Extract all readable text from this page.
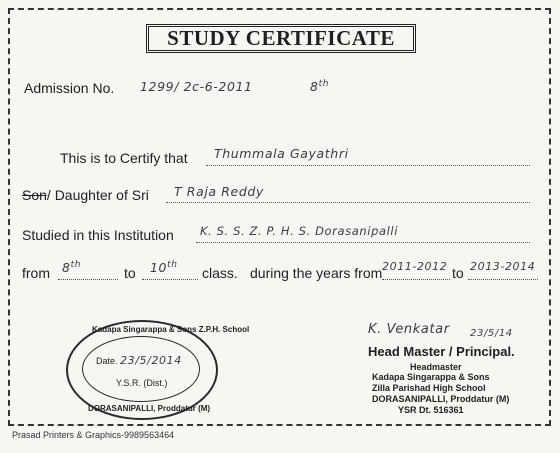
STUDY CERTIFICATE
Admission No. 1299/ 2c-6-2011	8th
This is to Certify that Thummala Gayathri
Son/ Daughter of Sri T Raja Reddy
Studied in this Institution K. S. S. Z. P. H. S. Dorasanipalli
from 8th	to 10th class. during the years from 2011-2012 to 2013-2014
Kadapa Singarappa & Sons Z.P.H. School
Date. 23/5/2014
Y.S.R. (Dist.)
DORASANIPALLI, Proddatur (M)
K. Venkatar 23/5/14
Head Master / Principal.
Headmaster
Kadapa Singarappa & Sons
Zilla Parishad High School
DORASANIPALLI, Proddatur (M)
YSR Dt. 516361
Prasad Printers & Graphics-9989563464
